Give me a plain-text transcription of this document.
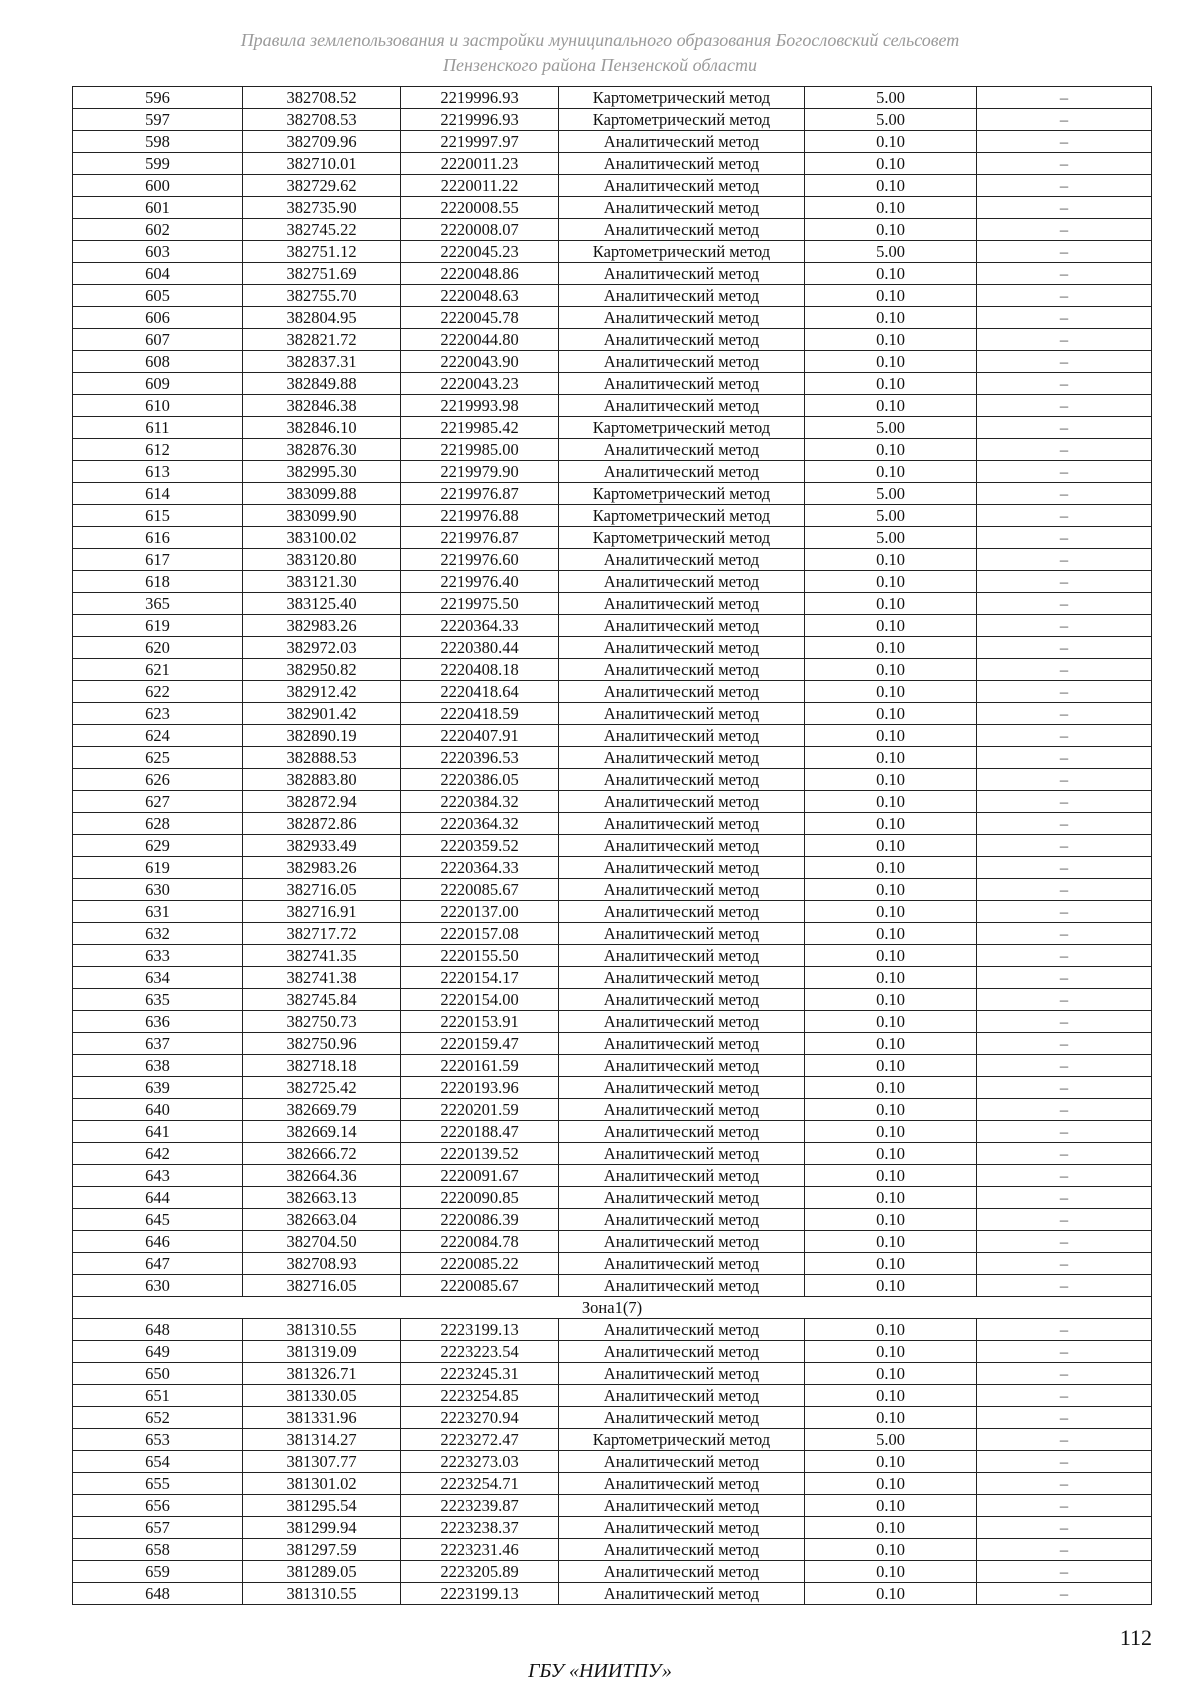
Правила землепользования и застройки муниципального образования Богословский сельсовет
Пензенского района Пензенской области
596	382708.52	2219996.93	Картометрический метод	5.00	–
597	382708.53	2219996.93	Картометрический метод	5.00	–
598	382709.96	2219997.97	Аналитический метод	0.10	–
599	382710.01	2220011.23	Аналитический метод	0.10	–
600	382729.62	2220011.22	Аналитический метод	0.10	–
601	382735.90	2220008.55	Аналитический метод	0.10	–
602	382745.22	2220008.07	Аналитический метод	0.10	–
603	382751.12	2220045.23	Картометрический метод	5.00	–
604	382751.69	2220048.86	Аналитический метод	0.10	–
605	382755.70	2220048.63	Аналитический метод	0.10	–
606	382804.95	2220045.78	Аналитический метод	0.10	–
607	382821.72	2220044.80	Аналитический метод	0.10	–
608	382837.31	2220043.90	Аналитический метод	0.10	–
609	382849.88	2220043.23	Аналитический метод	0.10	–
610	382846.38	2219993.98	Аналитический метод	0.10	–
611	382846.10	2219985.42	Картометрический метод	5.00	–
612	382876.30	2219985.00	Аналитический метод	0.10	–
613	382995.30	2219979.90	Аналитический метод	0.10	–
614	383099.88	2219976.87	Картометрический метод	5.00	–
615	383099.90	2219976.88	Картометрический метод	5.00	–
616	383100.02	2219976.87	Картометрический метод	5.00	–
617	383120.80	2219976.60	Аналитический метод	0.10	–
618	383121.30	2219976.40	Аналитический метод	0.10	–
365	383125.40	2219975.50	Аналитический метод	0.10	–
619	382983.26	2220364.33	Аналитический метод	0.10	–
620	382972.03	2220380.44	Аналитический метод	0.10	–
621	382950.82	2220408.18	Аналитический метод	0.10	–
622	382912.42	2220418.64	Аналитический метод	0.10	–
623	382901.42	2220418.59	Аналитический метод	0.10	–
624	382890.19	2220407.91	Аналитический метод	0.10	–
625	382888.53	2220396.53	Аналитический метод	0.10	–
626	382883.80	2220386.05	Аналитический метод	0.10	–
627	382872.94	2220384.32	Аналитический метод	0.10	–
628	382872.86	2220364.32	Аналитический метод	0.10	–
629	382933.49	2220359.52	Аналитический метод	0.10	–
619	382983.26	2220364.33	Аналитический метод	0.10	–
630	382716.05	2220085.67	Аналитический метод	0.10	–
631	382716.91	2220137.00	Аналитический метод	0.10	–
632	382717.72	2220157.08	Аналитический метод	0.10	–
633	382741.35	2220155.50	Аналитический метод	0.10	–
634	382741.38	2220154.17	Аналитический метод	0.10	–
635	382745.84	2220154.00	Аналитический метод	0.10	–
636	382750.73	2220153.91	Аналитический метод	0.10	–
637	382750.96	2220159.47	Аналитический метод	0.10	–
638	382718.18	2220161.59	Аналитический метод	0.10	–
639	382725.42	2220193.96	Аналитический метод	0.10	–
640	382669.79	2220201.59	Аналитический метод	0.10	–
641	382669.14	2220188.47	Аналитический метод	0.10	–
642	382666.72	2220139.52	Аналитический метод	0.10	–
643	382664.36	2220091.67	Аналитический метод	0.10	–
644	382663.13	2220090.85	Аналитический метод	0.10	–
645	382663.04	2220086.39	Аналитический метод	0.10	–
646	382704.50	2220084.78	Аналитический метод	0.10	–
647	382708.93	2220085.22	Аналитический метод	0.10	–
630	382716.05	2220085.67	Аналитический метод	0.10	–
Зона1(7)					
648	381310.55	2223199.13	Аналитический метод	0.10	–
649	381319.09	2223223.54	Аналитический метод	0.10	–
650	381326.71	2223245.31	Аналитический метод	0.10	–
651	381330.05	2223254.85	Аналитический метод	0.10	–
652	381331.96	2223270.94	Аналитический метод	0.10	–
653	381314.27	2223272.47	Картометрический метод	5.00	–
654	381307.77	2223273.03	Аналитический метод	0.10	–
655	381301.02	2223254.71	Аналитический метод	0.10	–
656	381295.54	2223239.87	Аналитический метод	0.10	–
657	381299.94	2223238.37	Аналитический метод	0.10	–
658	381297.59	2223231.46	Аналитический метод	0.10	–
659	381289.05	2223205.89	Аналитический метод	0.10	–
648	381310.55	2223199.13	Аналитический метод	0.10	–
112
ГБУ «НИИТПУ»
